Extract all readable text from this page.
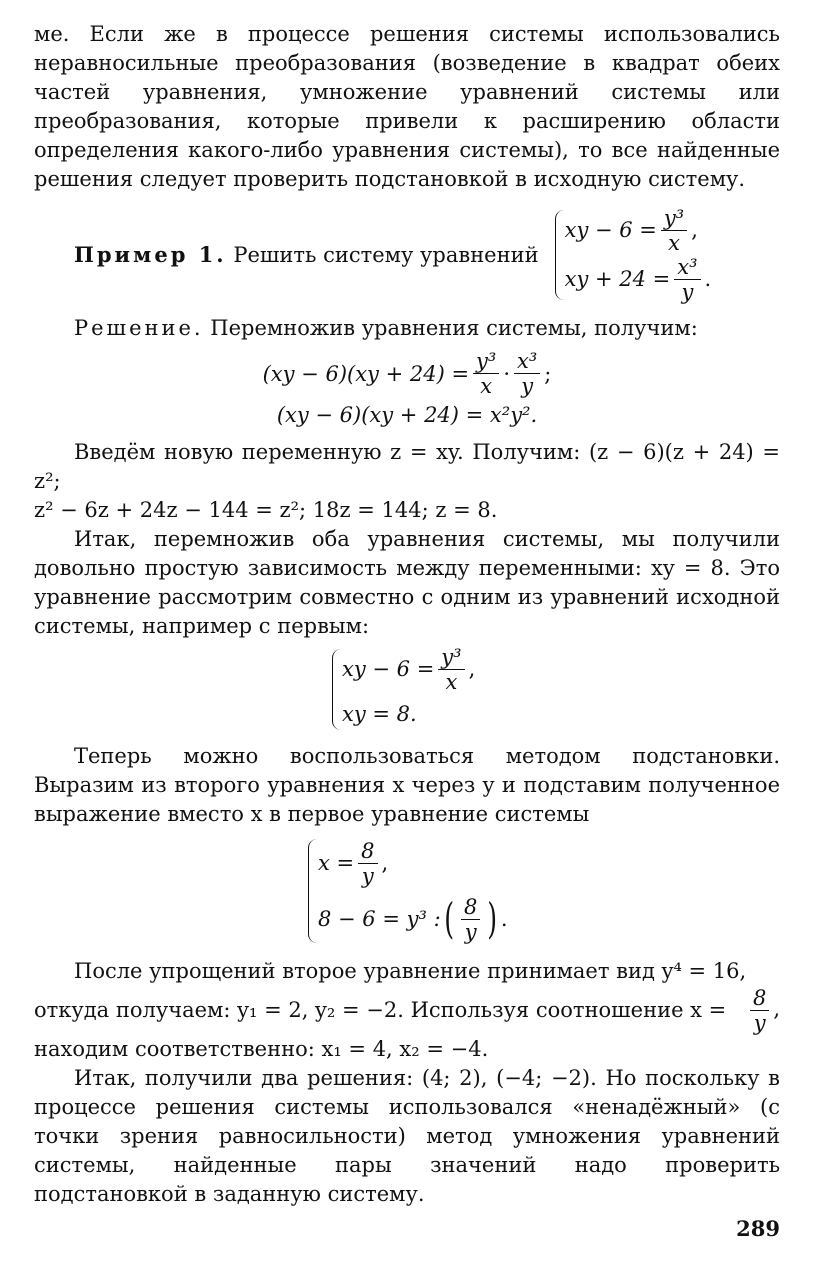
ме. Если же в процессе решения системы использовались неравносильные преобразования (возведение в квадрат обеих частей уравнения, умножение уравнений системы или преобразования, которые привели к расширению области определения какого-либо уравнения системы), то все найденные решения следует проверить подстановкой в исходную систему.

Пример 1. Решить систему уравнений
xy − $6 = \frac{\text{y³}}{x}$ ,
xy + $24 = \frac{\text{x³}}{y}$ .

Решение. Перемножив уравнения системы, получим:

$(xy - 6)(xy + 24) = \frac{\text{y³}}{x} \cdot \frac{\text{x³}}{y}$ ;
(xy − 6)(xy + 24) = x²y².

Введём новую переменную z = xy. Получим: (z − 6)(z + 24) = z²;

z² − 6z + 24z − 144 = z²; 18z = 144; z = 8.

Итак, перемножив оба уравнения системы, мы получили довольно простую зависимость между переменными: xy = 8. Это уравнение рассмотрим совместно с одним из уравнений исходной системы, например с первым:

xy − $6 = \frac{\text{y³}}{x}$ ,
xy = 8.

Теперь можно воспользоваться методом подстановки. Выразим из второго уравнения x через y и подставим полученное выражение вместо x в первое уравнение системы

$x = \frac{8}{y}$ ,
8 − 6 = y³ : ( $\frac{8}{y}$ ) .

После упрощений второе уравнение принимает вид y⁴ = 16,

откуда получаем: y₁ = 2, y₂ = −2. Используя соотношение $x = \frac{8}{y}$ ,

находим соответственно: x₁ = 4, x₂ = −4.

Итак, получили два решения: (4; 2), (−4; −2). Но поскольку в процессе решения системы использовался «ненадёжный» (с точки зрения равносильности) метод умножения уравнений системы, найденные пары значений надо проверить подстановкой в заданную систему.

289
